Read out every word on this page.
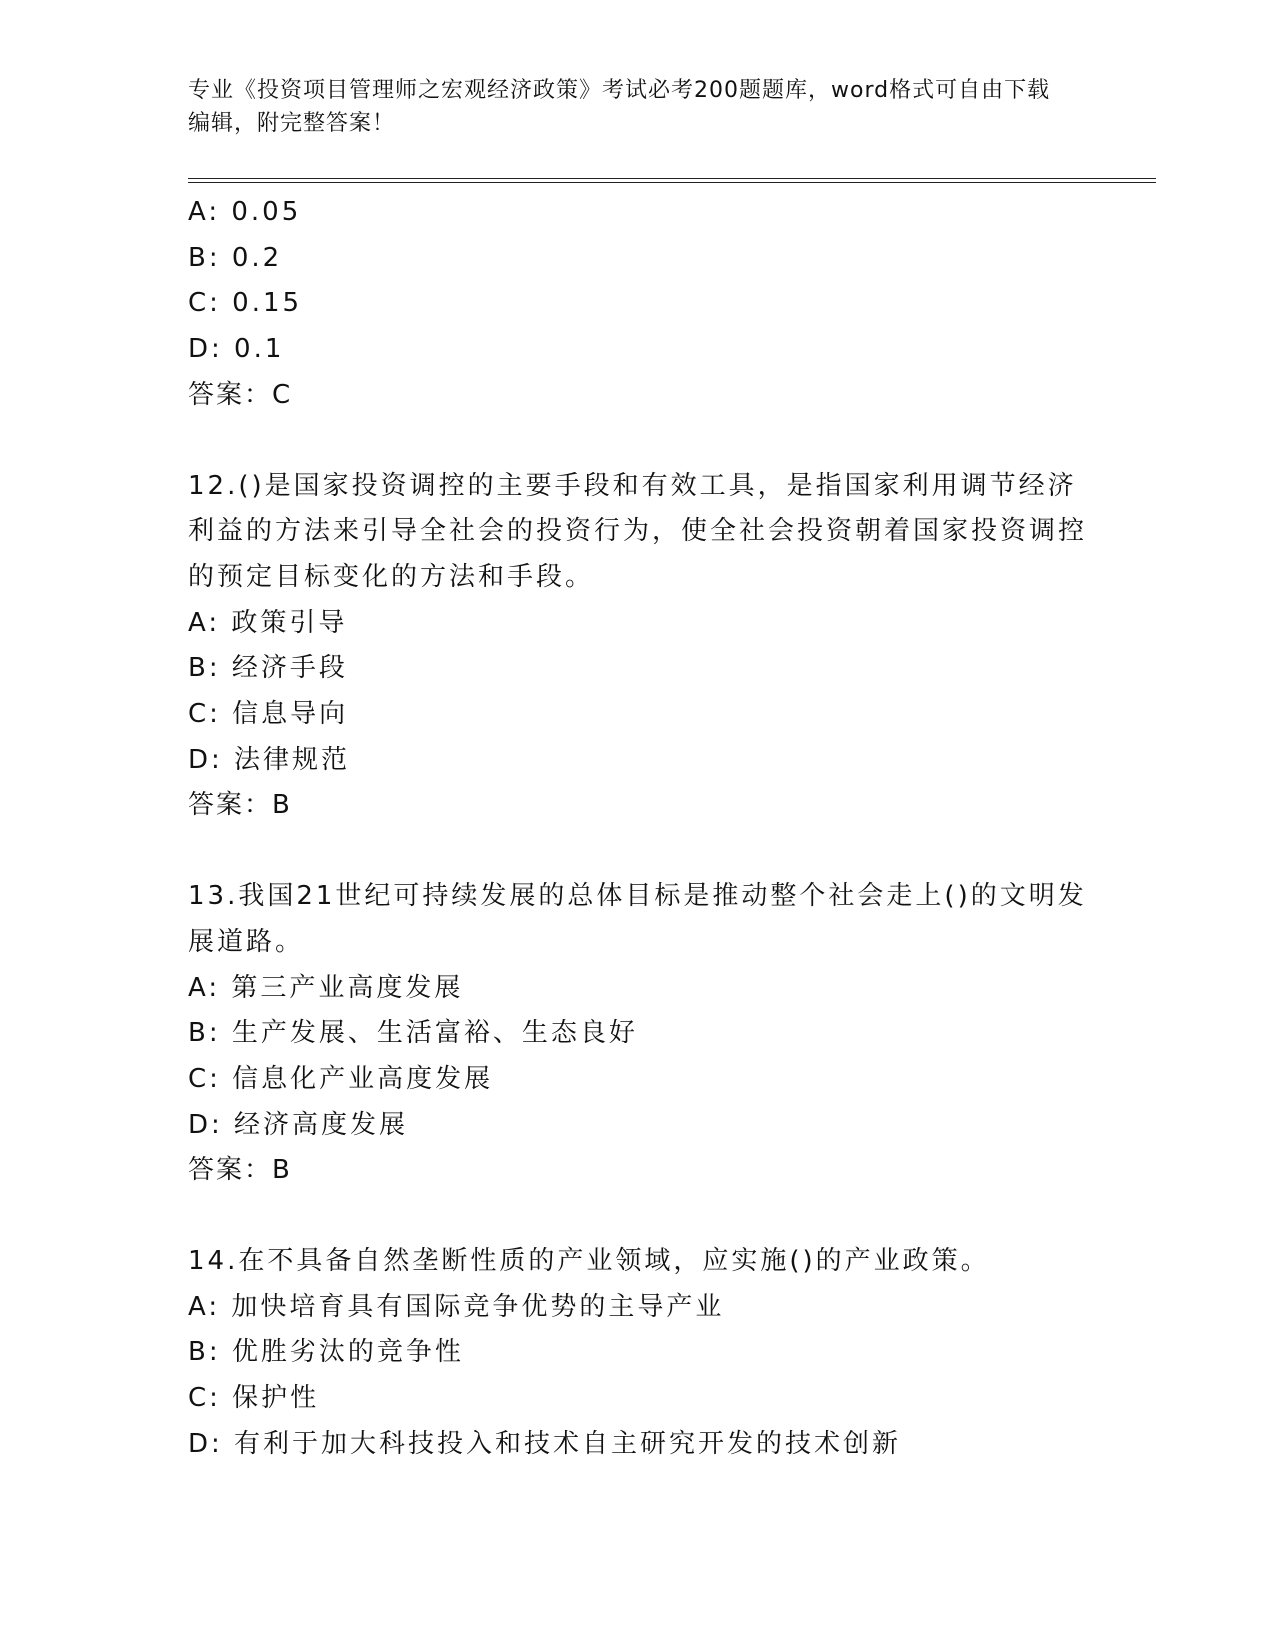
专业《投资项目管理师之宏观经济政策》考试必考200题题库，word格式可自由下载编辑，附完整答案！
A: 0.05
B: 0.2
C: 0.15
D: 0.1
答案：C
12.()是国家投资调控的主要手段和有效工具，是指国家利用调节经济利益的方法来引导全社会的投资行为，使全社会投资朝着国家投资调控的预定目标变化的方法和手段。
A: 政策引导
B: 经济手段
C: 信息导向
D: 法律规范
答案：B
13.我国21世纪可持续发展的总体目标是推动整个社会走上()的文明发展道路。
A: 第三产业高度发展
B: 生产发展、生活富裕、生态良好
C: 信息化产业高度发展
D: 经济高度发展
答案：B
14.在不具备自然垄断性质的产业领域，应实施()的产业政策。
A: 加快培育具有国际竞争优势的主导产业
B: 优胜劣汰的竞争性
C: 保护性
D: 有利于加大科技投入和技术自主研究开发的技术创新
